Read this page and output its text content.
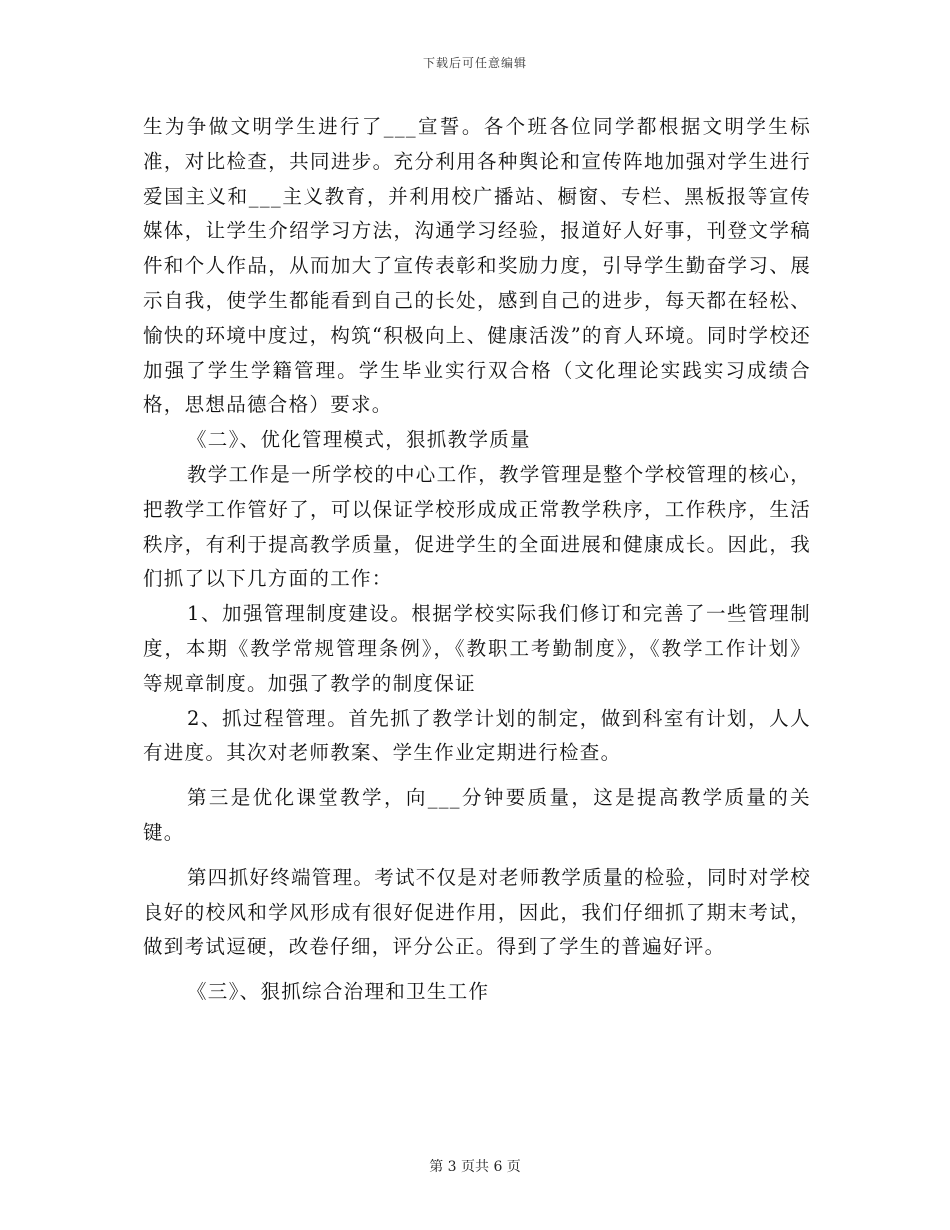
下载后可任意编辑

生为争做文明学生进行了___宣誓。各个班各位同学都根据文明学生标准，对比检查，共同进步。充分利用各种舆论和宣传阵地加强对学生进行爱国主义和___主义教育，并利用校广播站、橱窗、专栏、黑板报等宣传媒体，让学生介绍学习方法，沟通学习经验，报道好人好事，刊登文学稿件和个人作品，从而加大了宣传表彰和奖励力度，引导学生勤奋学习、展示自我，使学生都能看到自己的长处，感到自己的进步，每天都在轻松、愉快的环境中度过，构筑“积极向上、健康活泼”的育人环境。同时学校还加强了学生学籍管理。学生毕业实行双合格（文化理论实践实习成绩合格，思想品德合格）要求。

《二》、优化管理模式，狠抓教学质量

教学工作是一所学校的中心工作，教学管理是整个学校管理的核心，把教学工作管好了，可以保证学校形成成正常教学秩序，工作秩序，生活秩序，有利于提高教学质量，促进学生的全面进展和健康成长。因此，我们抓了以下几方面的工作：

1、加强管理制度建设。根据学校实际我们修订和完善了一些管理制度，本期《教学常规管理条例》，《教职工考勤制度》，《教学工作计划》等规章制度。加强了教学的制度保证

2、抓过程管理。首先抓了教学计划的制定，做到科室有计划，人人有进度。其次对老师教案、学生作业定期进行检查。

第三是优化课堂教学，向___分钟要质量，这是提高教学质量的关键。

第四抓好终端管理。考试不仅是对老师教学质量的检验，同时对学校良好的校风和学风形成有很好促进作用，因此，我们仔细抓了期末考试，做到考试逗硬，改卷仔细，评分公正。得到了学生的普遍好评。

《三》、狠抓综合治理和卫生工作

第 3 页共 6 页
